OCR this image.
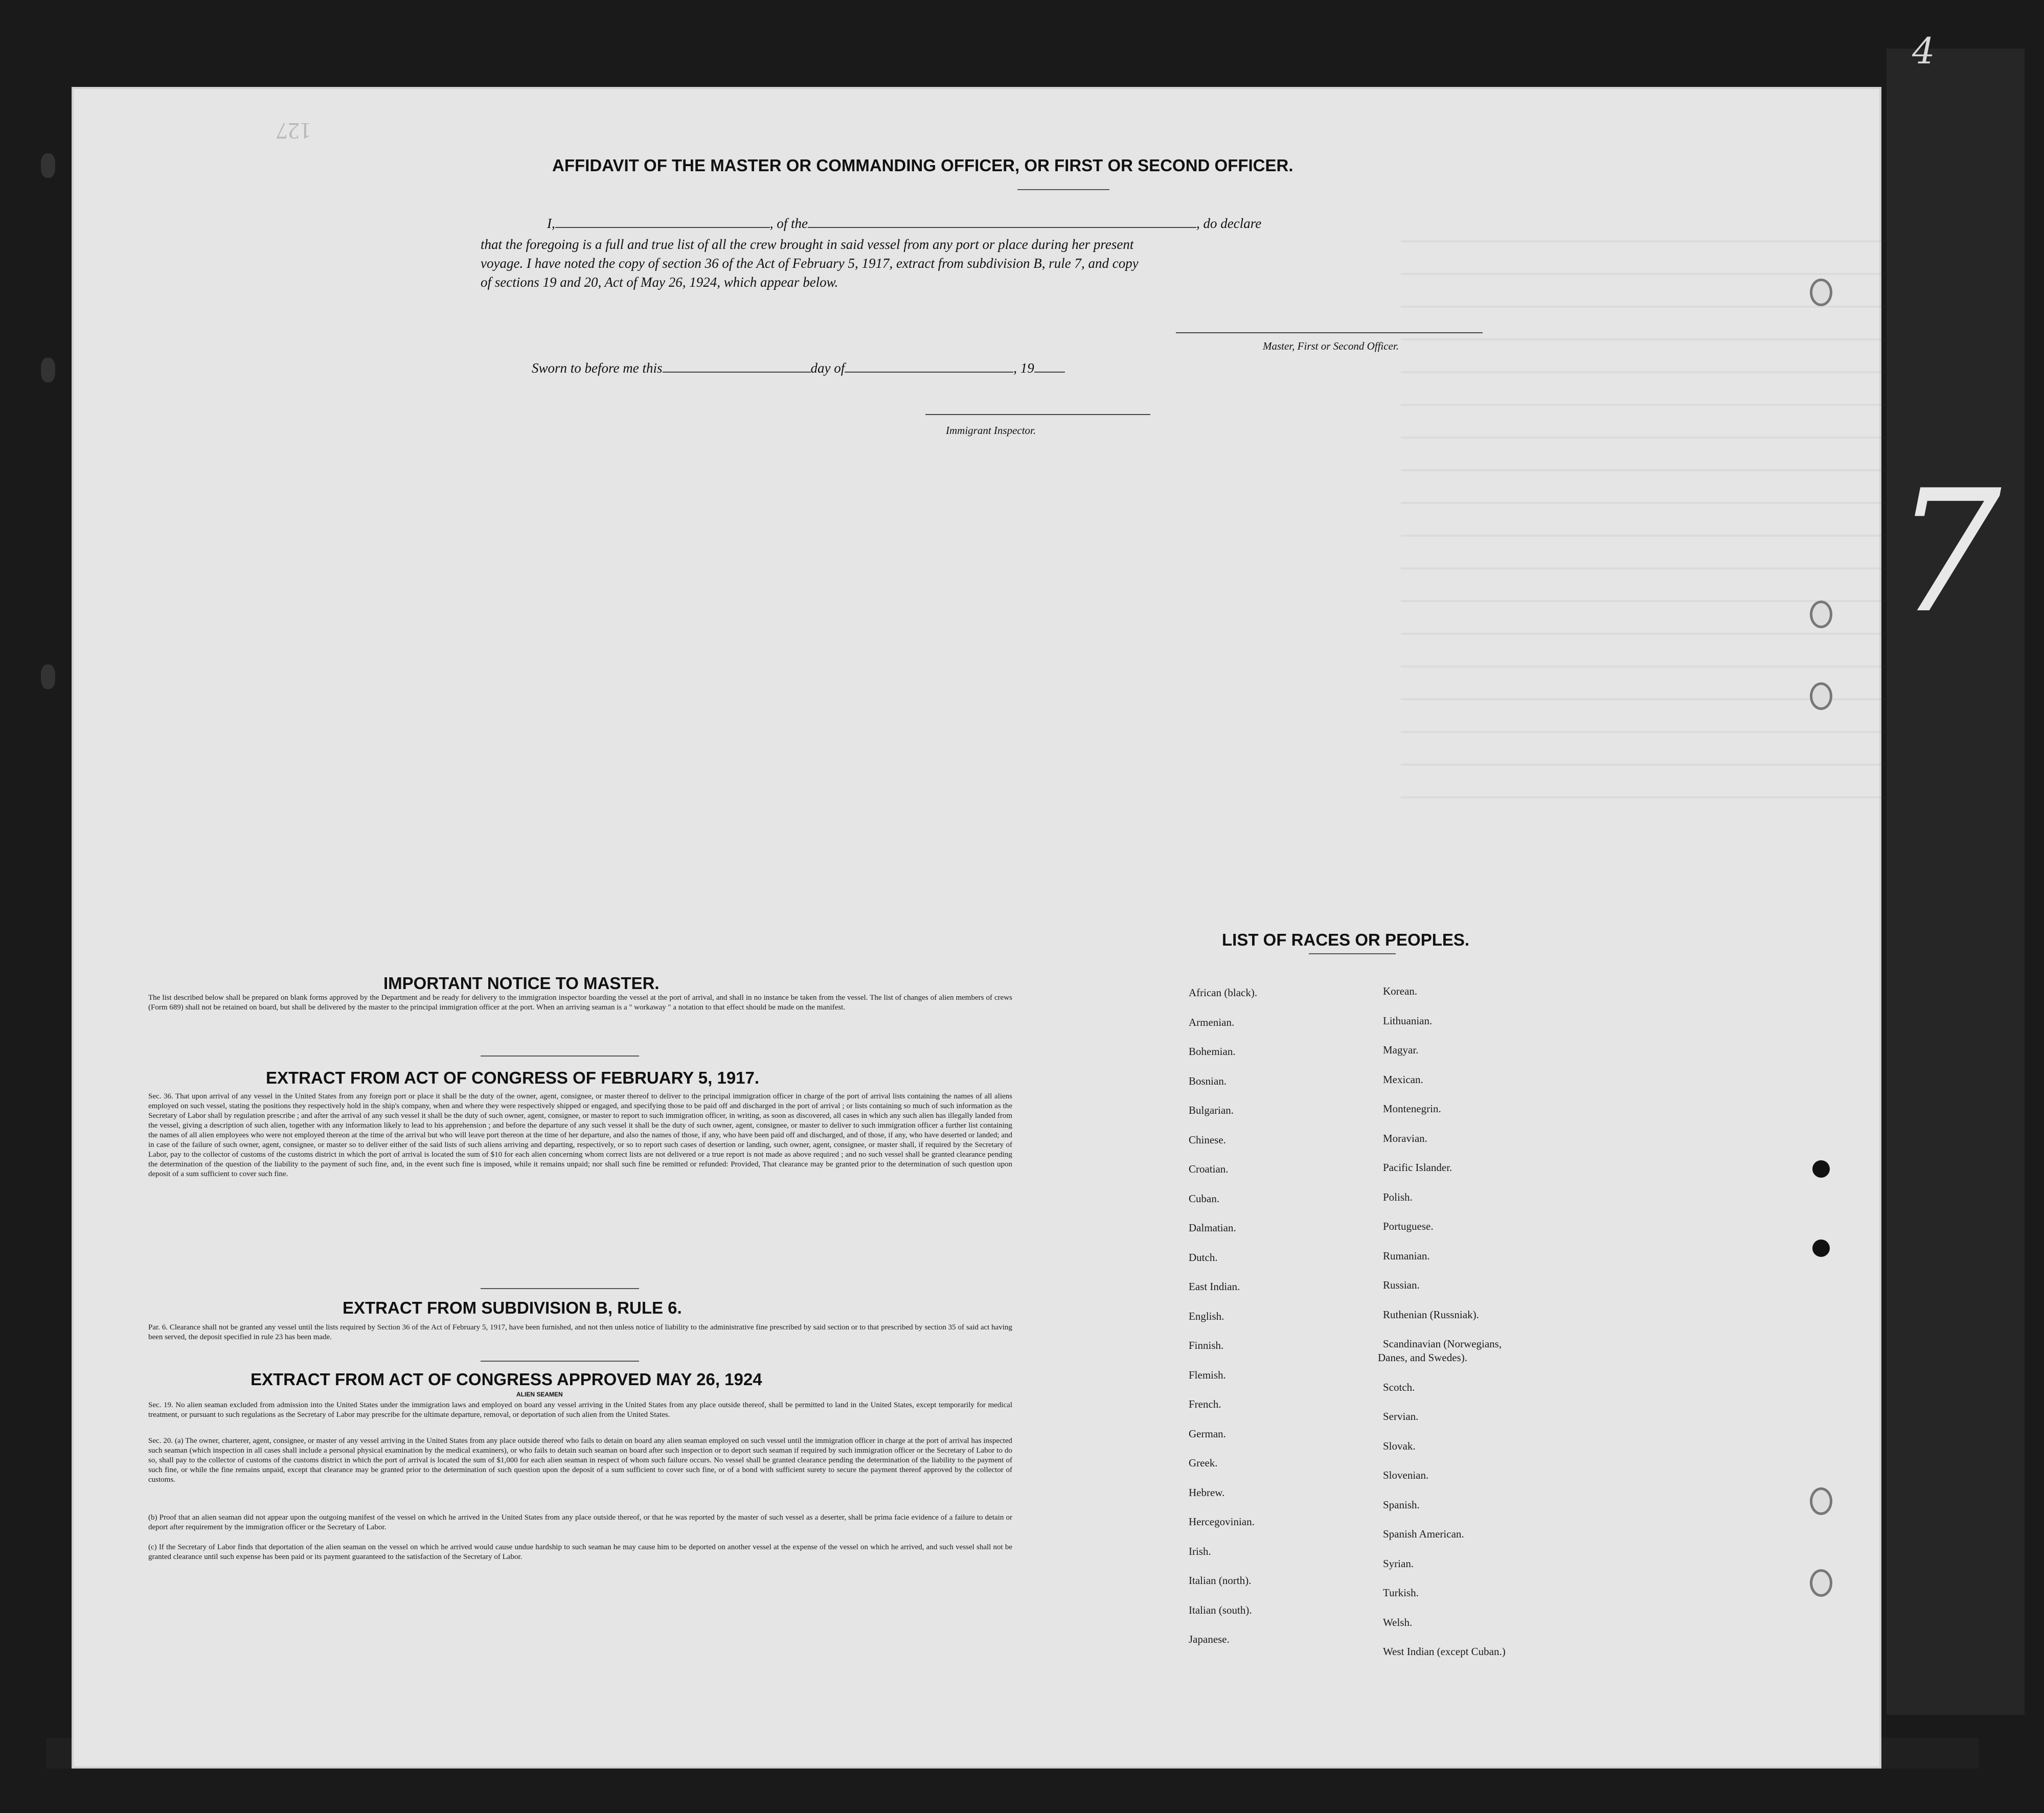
127
AFFIDAVIT OF THE MASTER OR COMMANDING OFFICER, OR FIRST OR SECOND OFFICER.
I,	, of the	, do declare
that the foregoing is a full and true list of all the crew brought in said vessel from any port or place during her present
voyage. I have noted the copy of section 36 of the Act of February 5, 1917, extract from subdivision B, rule 7, and copy
of sections 19 and 20, Act of May 26, 1924, which appear below.
Master, First or Second Officer.
Sworn to before me this	day of	, 19
Immigrant Inspector.
IMPORTANT NOTICE TO MASTER.
The list described below shall be prepared on blank forms approved by the Department and be ready for delivery to the immigration inspector boarding the vessel at the port of arrival, and shall in no instance be taken from the vessel. The list of changes of alien members of crews (Form 689) shall not be retained on board, but shall be delivered by the master to the principal immigration officer at the port. When an arriving seaman is a " workaway " a notation to that effect should be made on the manifest.
EXTRACT FROM ACT OF CONGRESS OF FEBRUARY 5, 1917.
Sec. 36. That upon arrival of any vessel in the United States from any foreign port or place it shall be the duty of the owner, agent, consignee, or master thereof to deliver to the principal immigration officer in charge of the port of arrival lists containing the names of all aliens employed on such vessel, stating the positions they respectively hold in the ship's company, when and where they were respectively shipped or engaged, and specifying those to be paid off and discharged in the port of arrival ; or lists containing so much of such information as the Secretary of Labor shall by regulation prescribe ; and after the arrival of any such vessel it shall be the duty of such owner, agent, consignee, or master to report to such immigration officer, in writing, as soon as discovered, all cases in which any such alien has illegally landed from the vessel, giving a description of such alien, together with any information likely to lead to his apprehension ; and before the departure of any such vessel it shall be the duty of such owner, agent, consignee, or master to deliver to such immigration officer a further list containing the names of all alien employees who were not employed thereon at the time of the arrival but who will leave port thereon at the time of her departure, and also the names of those, if any, who have been paid off and discharged, and of those, if any, who have deserted or landed; and in case of the failure of such owner, agent, consignee, or master so to deliver either of the said lists of such aliens arriving and departing, respectively, or so to report such cases of desertion or landing, such owner, agent, consignee, or master shall, if required by the Secretary of Labor, pay to the collector of customs of the customs district in which the port of arrival is located the sum of $10 for each alien concerning whom correct lists are not delivered or a true report is not made as above required ; and no such vessel shall be granted clearance pending the determination of the question of the liability to the payment of such fine, and, in the event such fine is imposed, while it remains unpaid; nor shall such fine be remitted or refunded: Provided, That clearance may be granted prior to the determination of such question upon deposit of a sum sufficient to cover such fine.
EXTRACT FROM SUBDIVISION B, RULE 6.
Par. 6. Clearance shall not be granted any vessel until the lists required by Section 36 of the Act of February 5, 1917, have been furnished, and not then unless notice of liability to the administrative fine prescribed by said section or to that prescribed by section 35 of said act having been served, the deposit specified in rule 23 has been made.
EXTRACT FROM ACT OF CONGRESS APPROVED MAY 26, 1924
ALIEN SEAMEN
Sec. 19. No alien seaman excluded from admission into the United States under the immigration laws and employed on board any vessel arriving in the United States from any place outside thereof, shall be permitted to land in the United States, except temporarily for medical treatment, or pursuant to such regulations as the Secretary of Labor may prescribe for the ultimate departure, removal, or deportation of such alien from the United States.
Sec. 20. (a) The owner, charterer, agent, consignee, or master of any vessel arriving in the United States from any place outside thereof who fails to detain on board any alien seaman employed on such vessel until the immigration officer in charge at the port of arrival has inspected such seaman (which inspection in all cases shall include a personal physical examination by the medical examiners), or who fails to detain such seaman on board after such inspection or to deport such seaman if required by such immigration officer or the Secretary of Labor to do so, shall pay to the collector of customs of the customs district in which the port of arrival is located the sum of $1,000 for each alien seaman in respect of whom such failure occurs. No vessel shall be granted clearance pending the determination of the liability to the payment of such fine, or while the fine remains unpaid, except that clearance may be granted prior to the determination of such question upon the deposit of a sum sufficient to cover such fine, or of a bond with sufficient surety to secure the payment thereof approved by the collector of customs.
(b) Proof that an alien seaman did not appear upon the outgoing manifest of the vessel on which he arrived in the United States from any place outside thereof, or that he was reported by the master of such vessel as a deserter, shall be prima facie evidence of a failure to detain or deport after requirement by the immigration officer or the Secretary of Labor.
(c) If the Secretary of Labor finds that deportation of the alien seaman on the vessel on which he arrived would cause undue hardship to such seaman he may cause him to be deported on another vessel at the expense of the vessel on which he arrived, and such vessel shall not be granted clearance until such expense has been paid or its payment guaranteed to the satisfaction of the Secretary of Labor.
LIST OF RACES OR PEOPLES.
African (black).
Armenian.
Bohemian.
Bosnian.
Bulgarian.
Chinese.
Croatian.
Cuban.
Dalmatian.
Dutch.
East Indian.
English.
Finnish.
Flemish.
French.
German.
Greek.
Hebrew.
Hercegovinian.
Irish.
Italian (north).
Italian (south).
Japanese.
Korean.
Lithuanian.
Magyar.
Mexican.
Montenegrin.
Moravian.
Pacific Islander.
Polish.
Portuguese.
Rumanian.
Russian.
Ruthenian (Russniak).
Scandinavian (Norwegians,
Danes, and Swedes).
Scotch.
Servian.
Slovak.
Slovenian.
Spanish.
Spanish American.
Syrian.
Turkish.
Welsh.
West Indian (except Cuban.)
7
4
